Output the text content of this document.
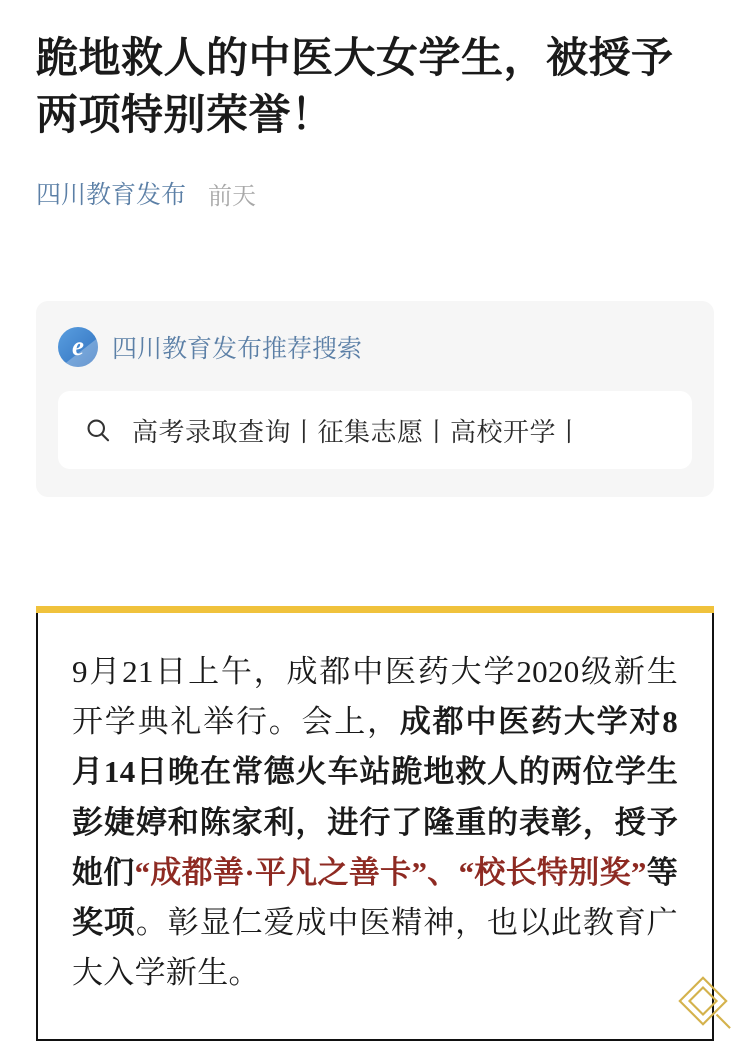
跪地救人的中医大女学生，被授予两项特别荣誉！
四川教育发布 前天
e 四川教育发布推荐搜索
高考录取查询丨征集志愿丨高校开学丨
9月21日上午，成都中医药大学2020级新生开学典礼举行。会上，成都中医药大学对8月14日晚在常德火车站跪地救人的两位学生彭婕婷和陈家利，进行了隆重的表彰，授予她们“成都善·平凡之善卡”、“校长特别奖”等奖项。彰显仁爱成中医精神，也以此教育广大入学新生。
